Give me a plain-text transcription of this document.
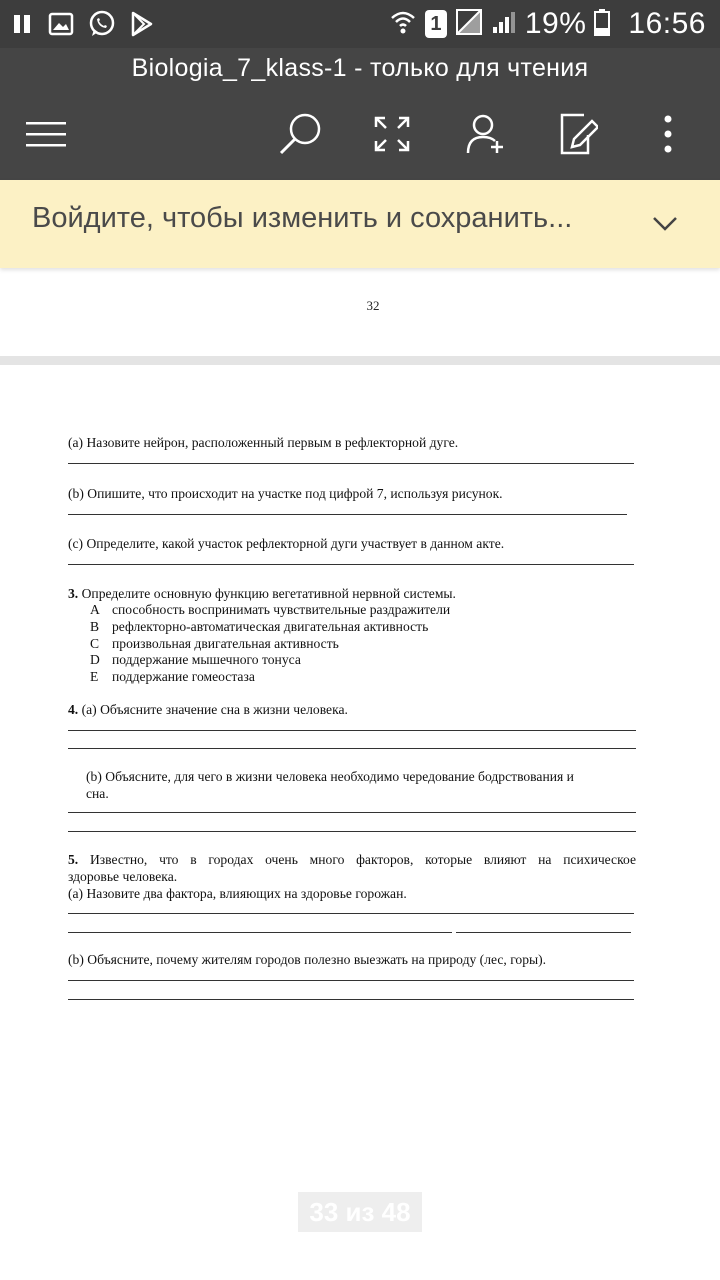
1	19% 16:56
Biologia_7_klass-1 - только для чтения
Войдите, чтобы изменить и сохранить...
32
(a) Назовите нейрон, расположенный первым в рефлекторной дуге.
(b) Опишите, что происходит на участке под цифрой 7, используя рисунок.
(c) Определите, какой участок рефлекторной дуги участвует в данном акте.
3. Определите основную функцию вегетативной нервной системы.
A способность воспринимать чувствительные раздражители
B рефлекторно-автоматическая двигательная активность
C произвольная двигательная активность
D поддержание мышечного тонуса
E поддержание гомеостаза
4. (a) Объясните значение сна в жизни человека.
(b) Объясните, для чего в жизни человека необходимо чередование бодрствования и
сна.
5. Известно, что в городах очень много факторов, которые влияют на психическое
здоровье человека.
(a) Назовите два фактора, влияющих на здоровье горожан.
(b) Объясните, почему жителям городов полезно выезжать на природу (лес, горы).
33 из 48
